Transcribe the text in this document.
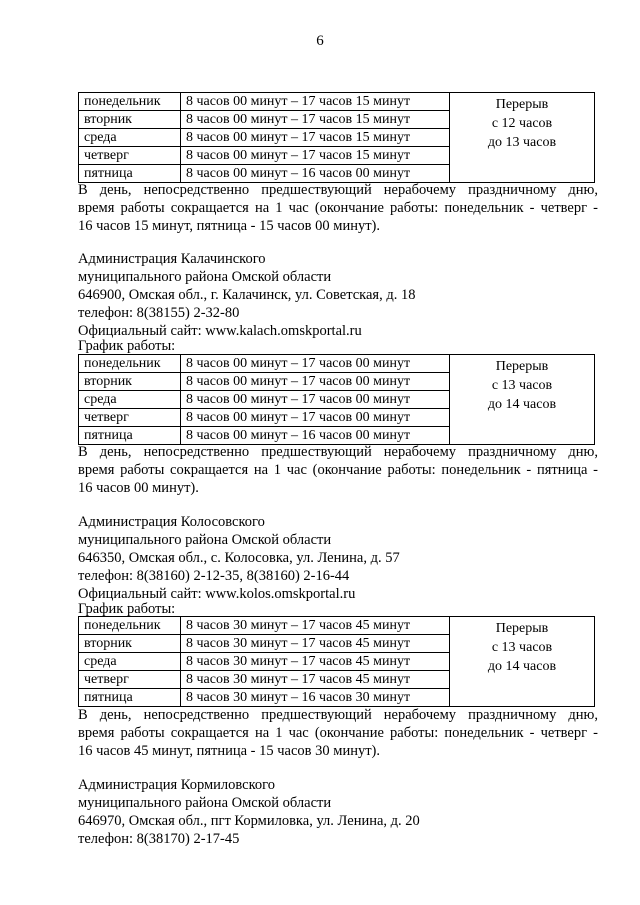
6
понедельник	8 часов 00 минут – 17 часов 15 минут	Перерыв
с 12 часов
до 13 часов

вторник	8 часов 00 минут – 17 часов 15 минут	
среда	8 часов 00 минут – 17 часов 15 минут	
четверг	8 часов 00 минут – 17 часов 15 минут	
пятница	8 часов 00 минут – 16 часов 00 минут	
В день, непосредственно предшествующий нерабочему праздничному дню,
время работы сокращается на 1 час (окончание работы: понедельник - четверг -
16 часов 15 минут, пятница - 15 часов 00 минут).
Администрация Калачинского
муниципального района Омской области
646900, Омская обл., г. Калачинск, ул. Советская, д. 18
телефон: 8(38155) 2-32-80
Официальный сайт: www.kalach.omskportal.ru
График работы:
понедельник	8 часов 00 минут – 17 часов 00 минут	Перерыв
с 13 часов
до 14 часов

вторник	8 часов 00 минут – 17 часов 00 минут	
среда	8 часов 00 минут – 17 часов 00 минут	
четверг	8 часов 00 минут – 17 часов 00 минут	
пятница	8 часов 00 минут – 16 часов 00 минут	
В день, непосредственно предшествующий нерабочему праздничному дню,
время работы сокращается на 1 час (окончание работы: понедельник - пятница -
16 часов 00 минут).
Администрация Колосовского
муниципального района Омской области
646350, Омская обл., с. Колосовка, ул. Ленина, д. 57
телефон: 8(38160) 2-12-35, 8(38160) 2-16-44
Официальный сайт: www.kolos.omskportal.ru
График работы:
понедельник	8 часов 30 минут – 17 часов 45 минут	Перерыв
с 13 часов
до 14 часов

вторник	8 часов 30 минут – 17 часов 45 минут	
среда	8 часов 30 минут – 17 часов 45 минут	
четверг	8 часов 30 минут – 17 часов 45 минут	
пятница	8 часов 30 минут – 16 часов 30 минут	
В день, непосредственно предшествующий нерабочему праздничному дню,
время работы сокращается на 1 час (окончание работы: понедельник - четверг -
16 часов 45 минут, пятница - 15 часов 30 минут).
Администрация Кормиловского
муниципального района Омской области
646970, Омская обл., пгт Кормиловка, ул. Ленина, д. 20
телефон: 8(38170) 2-17-45
